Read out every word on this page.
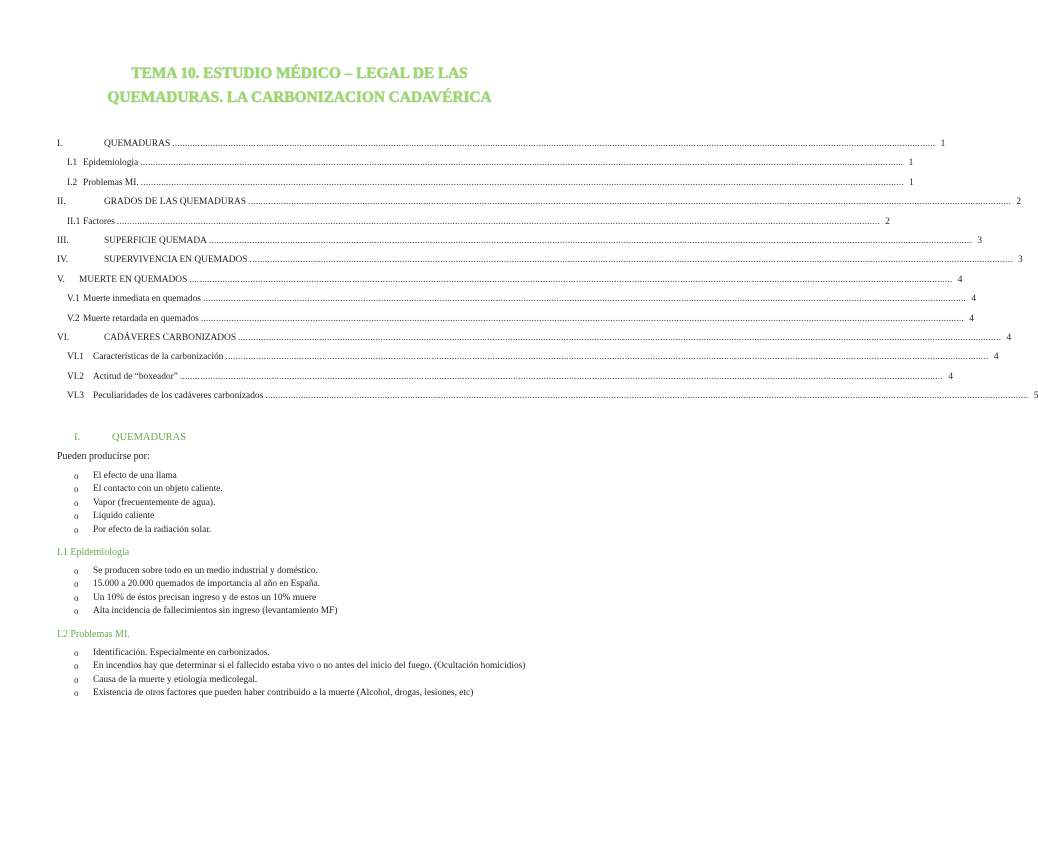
TEMA 10. ESTUDIO MÉDICO – LEGAL DE LAS
QUEMADURAS. LA CARBONIZACION CADAVÉRICA
I.	QUEMADURAS ............................................................................................................................................................................................................................................................................................................ 1
I.1 Epidemiologia ............................................................................................................................................................................................................................................................................................................ 1
I.2 Problemas MI. ............................................................................................................................................................................................................................................................................................................ 1
II.	GRADOS DE LAS QUEMADURAS ............................................................................................................................................................................................................................................................................................................ 2
II.1 Factores ............................................................................................................................................................................................................................................................................................................ 2
III.	SUPERFICIE QUEMADA ............................................................................................................................................................................................................................................................................................................ 3
IV.	SUPERVIVENCIA EN QUEMADOS ............................................................................................................................................................................................................................................................................................................ 3
V.	MUERTE EN QUEMADOS ............................................................................................................................................................................................................................................................................................................ 4
V.1 Muerte inmediata en quemados ............................................................................................................................................................................................................................................................................................................ 4
V.2 Muerte retardada en quemados ............................................................................................................................................................................................................................................................................................................ 4
VI.	CADÁVERES CARBONIZADOS ............................................................................................................................................................................................................................................................................................................ 4
VI.1 Características de la carbonización ............................................................................................................................................................................................................................................................................................................ 4
VI.2 Actitud de “boxeador” ............................................................................................................................................................................................................................................................................................................ 4
VI.3 Peculiaridades de los cadáveres carbonizados ............................................................................................................................................................................................................................................................................................................ 5
I.	QUEMADURAS
Pueden producirse por:
o El efecto de una llama
o El contacto con un objeto caliente.
o Vapor (frecuentemente de agua).
o Liquido caliente
o Por efecto de la radiación solar.
I.1 Epidemiologia
o Se producen sobre todo en un medio industrial y doméstico.
o 15.000 a 20.000 quemados de importancia al año en España.
o Un 10% de éstos precisan ingreso y de estos un 10% muere
o Alta incidencia de fallecimientos sin ingreso (levantamiento MF)
I.2 Problemas MI.
o Identificación. Especialmente en carbonizados.
o En incendios hay que determinar si el fallecido estaba vivo o no antes del inicio del fuego. (Ocultación homicidios)
o Causa de la muerte y etiología medicolegal.
o Existencia de otros factores que pueden haber contribuido a la muerte (Alcohol, drogas, lesiones, etc)
